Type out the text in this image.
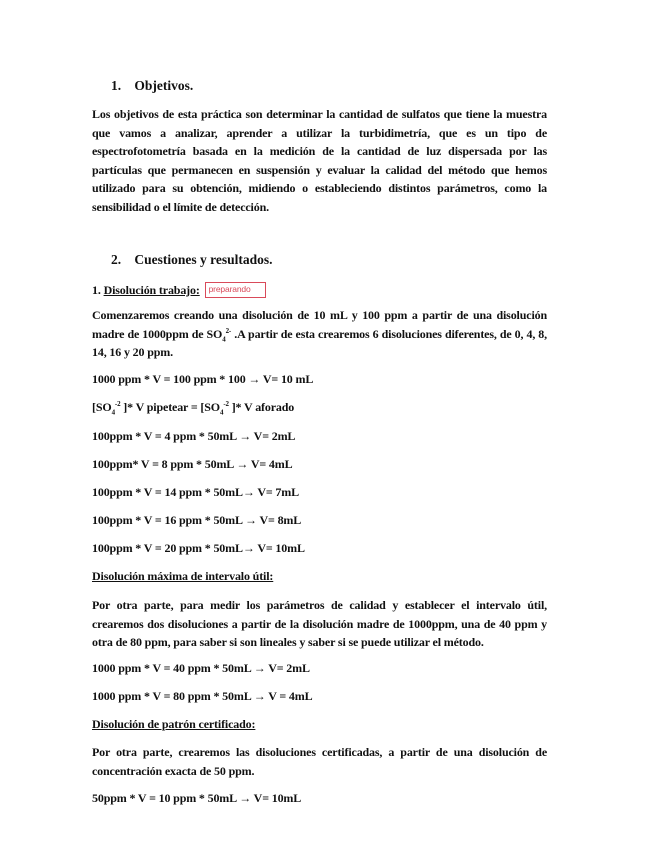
1. Objetivos.

Los objetivos de esta práctica son determinar la cantidad de sulfatos que tiene la muestra que vamos a analizar, aprender a utilizar la turbidimetría, que es un tipo de espectrofotometría basada en la medición de la cantidad de luz dispersada por las partículas que permanecen en suspensión y evaluar la calidad del método que hemos utilizado para su obtención, midiendo o estableciendo distintos parámetros, como la sensibilidad o el límite de detección.

2. Cuestiones y resultados.

1. Disolución trabajo: preparando

Comenzaremos creando una disolución de 10 mL y 100 ppm a partir de una disolución madre de 1000ppm de $SO_4^{2-}$ .A partir de esta crearemos 6 disoluciones diferentes, de 0, 4, 8, 14, 16 y 20 ppm.

1000 ppm * V = 100 ppm * 100 → V= 10 mL

[$SO_4^{-2}$ ]* V pipetear = [$SO_4^{-2}$ ]* V aforado

100ppm * V = 4 ppm * 50mL → V= 2mL

100ppm* V = 8 ppm * 50mL → V= 4mL

100ppm * V = 14 ppm * 50mL→ V= 7mL

100ppm * V = 16 ppm * 50mL → V= 8mL

100ppm * V = 20 ppm * 50mL→ V= 10mL

Disolución máxima de intervalo útil:

Por otra parte, para medir los parámetros de calidad y establecer el intervalo útil, crearemos dos disoluciones a partir de la disolución madre de 1000ppm, una de 40 ppm y otra de 80 ppm, para saber si son lineales y saber si se puede utilizar el método.

1000 ppm * V = 40 ppm * 50mL → V= 2mL

1000 ppm * V = 80 ppm * 50mL → V = 4mL

Disolución de patrón certificado:

Por otra parte, crearemos las disoluciones certificadas, a partir de una disolución de concentración exacta de 50 ppm.

50ppm * V = 10 ppm * 50mL → V= 10mL
